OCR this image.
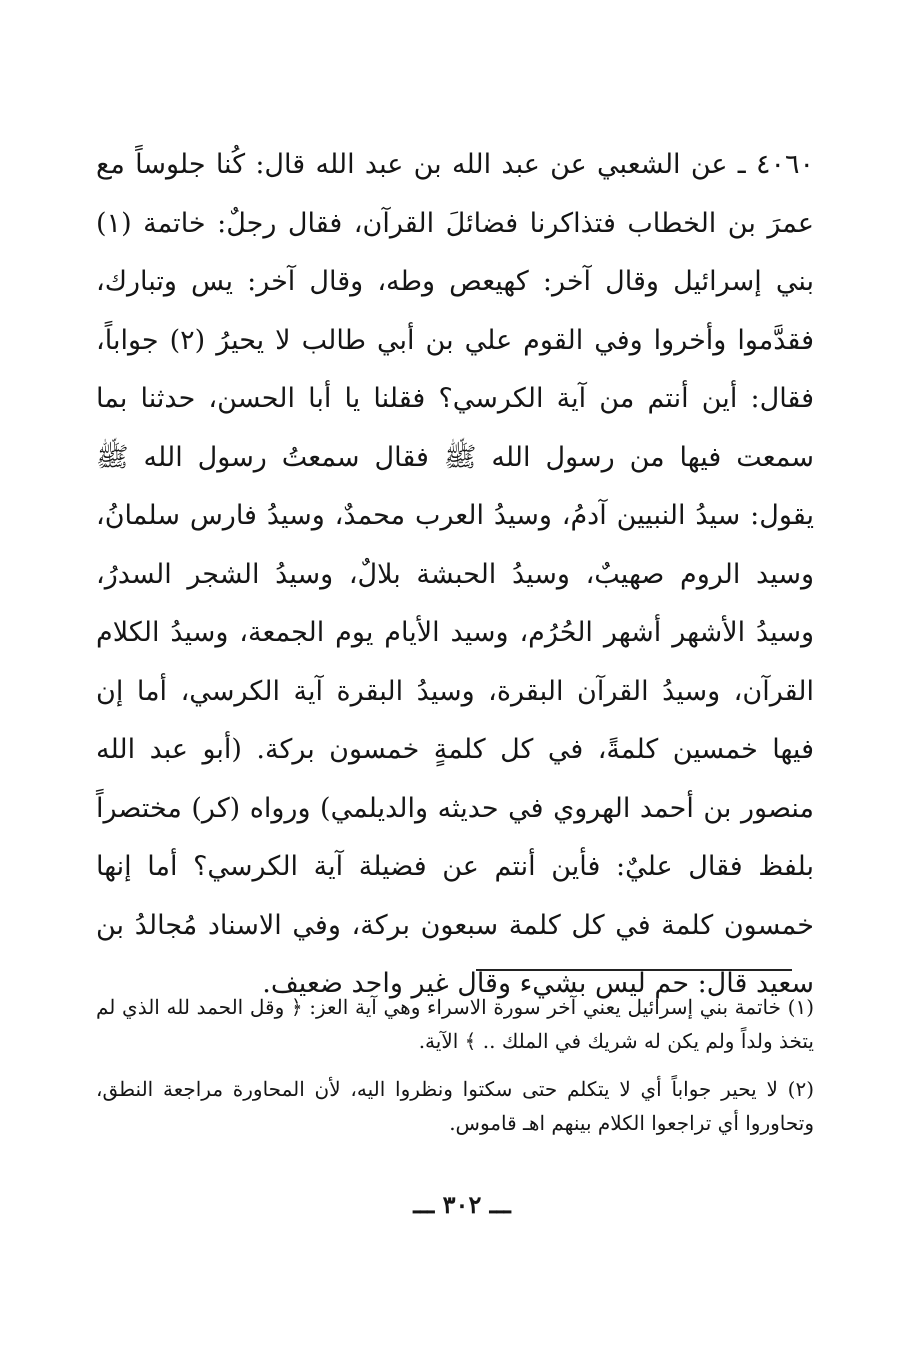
٤٠٦٠ ـ عن الشعبي عن عبد الله بن عبد الله قال: كُنا جلوساً مع عمرَ بن الخطاب فتذاكرنا فضائلَ القرآن، فقال رجلٌ: خاتمة (١) بني إسرائيل وقال آخر: كهيعص وطه، وقال آخر: يس وتبارك، فقدَّموا وأخروا وفي القوم علي بن أبي طالب لا يحيرُ (٢) جواباً، فقال: أين أنتم من آية الكرسي؟ فقلنا يا أبا الحسن، حدثنا بما سمعت فيها من رسول الله ﷺ فقال سمعتُ رسول الله ﷺ يقول: سيدُ النبيين آدمُ، وسيدُ العرب محمدٌ، وسيدُ فارس سلمانُ، وسيد الروم صهيبٌ، وسيدُ الحبشة بلالٌ، وسيدُ الشجر السدرُ، وسيدُ الأشهر أشهر الحُرُم، وسيد الأيام يوم الجمعة، وسيدُ الكلام القرآن، وسيدُ القرآن البقرة، وسيدُ البقرة آية الكرسي، أما إن فيها خمسين كلمةً، في كل كلمةٍ خمسون بركة. (أبو عبد الله منصور بن أحمد الهروي في حديثه والديلمي) ورواه (كر) مختصراً بلفظ فقال عليٌ: فأين أنتم عن فضيلة آية الكرسي؟ أما إنها خمسون كلمة في كل كلمة سبعون بركة، وفي الاسناد مُجالدُ بن سعيد قال: حم ليس بشيء وقال غير واحد ضعيف.

(١) خاتمة بني إسرائيل يعني آخر سورة الاسراء وهي آية العز: ﴿ وقل الحمد لله الذي لم يتخذ ولداً ولم يكن له شريك في الملك .. ﴾ الآية.

(٢) لا يحير جواباً أي لا يتكلم حتى سكتوا ونظروا اليه، لأن المحاورة مراجعة النطق، وتحاوروا أي تراجعوا الكلام بينهم اهـ قاموس.

ـــ ٣٠٢ ـــ
